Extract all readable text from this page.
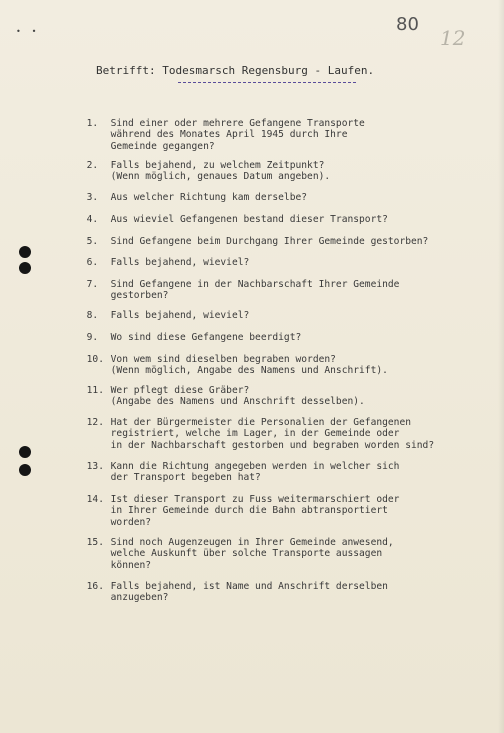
• •	80
12
Betrifft: Todesmarsch Regensburg - Laufen.

1. Sind einer oder mehrere Gefangene Transporte
während des Monates April 1945 durch Ihre
Gemeinde gegangen?

2. Falls bejahend, zu welchem Zeitpunkt?
(Wenn möglich, genaues Datum angeben).

3. Aus welcher Richtung kam derselbe?

4. Aus wieviel Gefangenen bestand dieser Transport?

5. Sind Gefangene beim Durchgang Ihrer Gemeinde gestorben?

6. Falls bejahend, wieviel?

7. Sind Gefangene in der Nachbarschaft Ihrer Gemeinde
gestorben?

8. Falls bejahend, wieviel?

9. Wo sind diese Gefangene beerdigt?

10. Von wem sind dieselben begraben worden?
(Wenn möglich, Angabe des Namens und Anschrift).

11. Wer pflegt diese Gräber?
(Angabe des Namens und Anschrift desselben).

12. Hat der Bürgermeister die Personalien der Gefangenen
registriert, welche im Lager, in der Gemeinde oder
in der Nachbarschaft gestorben und begraben worden sind?

13. Kann die Richtung angegeben werden in welcher sich
der Transport begeben hat?

14. Ist dieser Transport zu Fuss weitermarschiert oder
in Ihrer Gemeinde durch die Bahn abtransportiert
worden?

15. Sind noch Augenzeugen in Ihrer Gemeinde anwesend,
welche Auskunft über solche Transporte aussagen
können?

16. Falls bejahend, ist Name und Anschrift derselben
anzugeben?
